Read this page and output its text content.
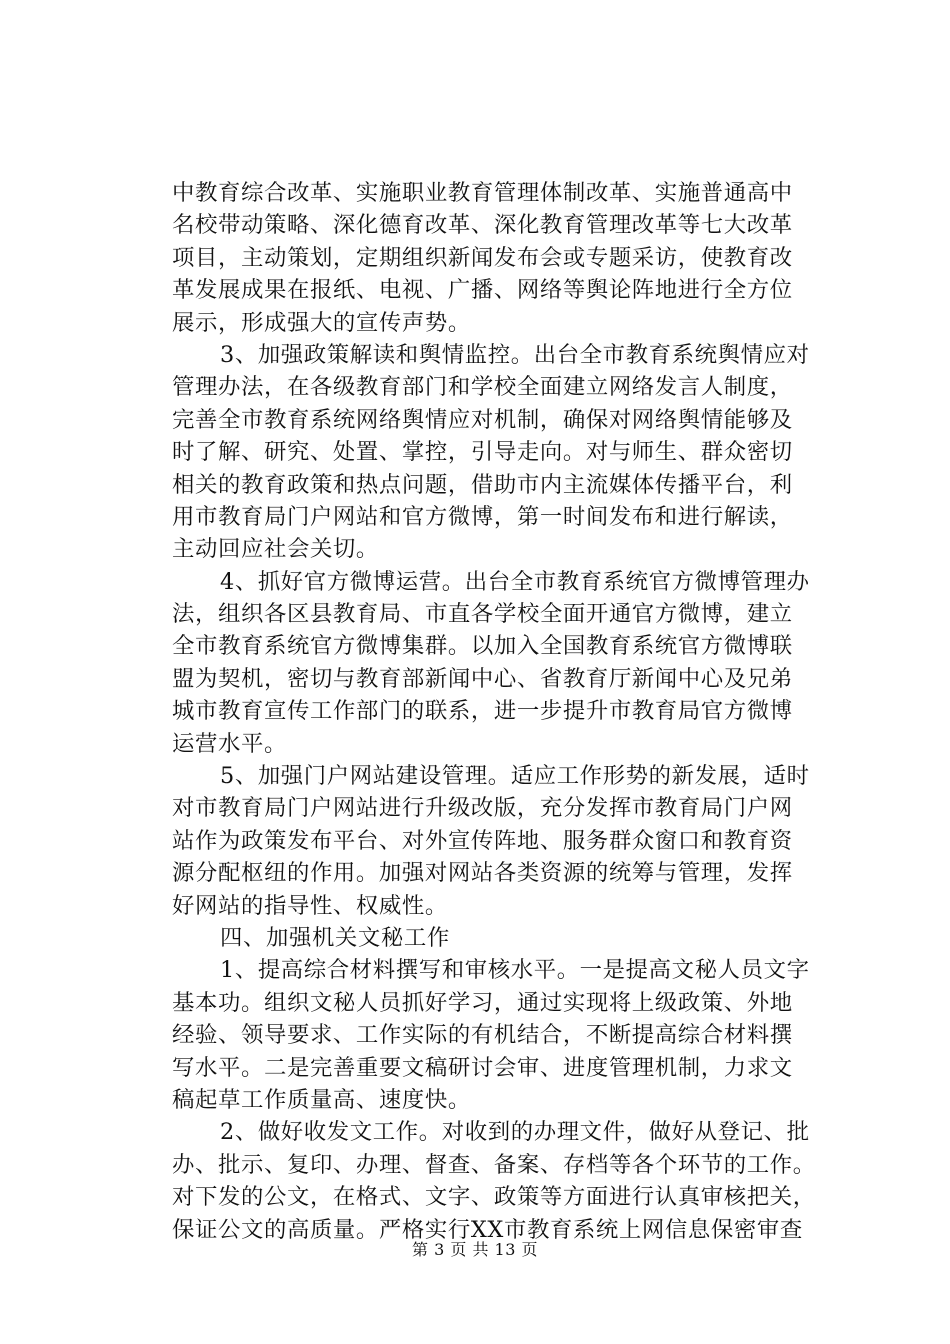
中教育综合改革、实施职业教育管理体制改革、实施普通高中
名校带动策略、深化德育改革、深化教育管理改革等七大改革
项目，主动策划，定期组织新闻发布会或专题采访，使教育改
革发展成果在报纸、电视、广播、网络等舆论阵地进行全方位
展示，形成强大的宣传声势。
　　3、加强政策解读和舆情监控。出台全市教育系统舆情应对
管理办法，在各级教育部门和学校全面建立网络发言人制度，
完善全市教育系统网络舆情应对机制，确保对网络舆情能够及
时了解、研究、处置、掌控，引导走向。对与师生、群众密切
相关的教育政策和热点问题，借助市内主流媒体传播平台，利
用市教育局门户网站和官方微博，第一时间发布和进行解读，
主动回应社会关切。
　　4、抓好官方微博运营。出台全市教育系统官方微博管理办
法，组织各区县教育局、市直各学校全面开通官方微博，建立
全市教育系统官方微博集群。以加入全国教育系统官方微博联
盟为契机，密切与教育部新闻中心、省教育厅新闻中心及兄弟
城市教育宣传工作部门的联系，进一步提升市教育局官方微博
运营水平。
　　5、加强门户网站建设管理。适应工作形势的新发展，适时
对市教育局门户网站进行升级改版，充分发挥市教育局门户网
站作为政策发布平台、对外宣传阵地、服务群众窗口和教育资
源分配枢纽的作用。加强对网站各类资源的统筹与管理，发挥
好网站的指导性、权威性。
　　四、加强机关文秘工作
　　1、提高综合材料撰写和审核水平。一是提高文秘人员文字
基本功。组织文秘人员抓好学习，通过实现将上级政策、外地
经验、领导要求、工作实际的有机结合，不断提高综合材料撰
写水平。二是完善重要文稿研讨会审、进度管理机制，力求文
稿起草工作质量高、速度快。
　　2、做好收发文工作。对收到的办理文件，做好从登记、批
办、批示、复印、办理、督查、备案、存档等各个环节的工作。
对下发的公文，在格式、文字、政策等方面进行认真审核把关，
保证公文的高质量。严格实行XX市教育系统上网信息保密审查
第 3 页 共 13 页
